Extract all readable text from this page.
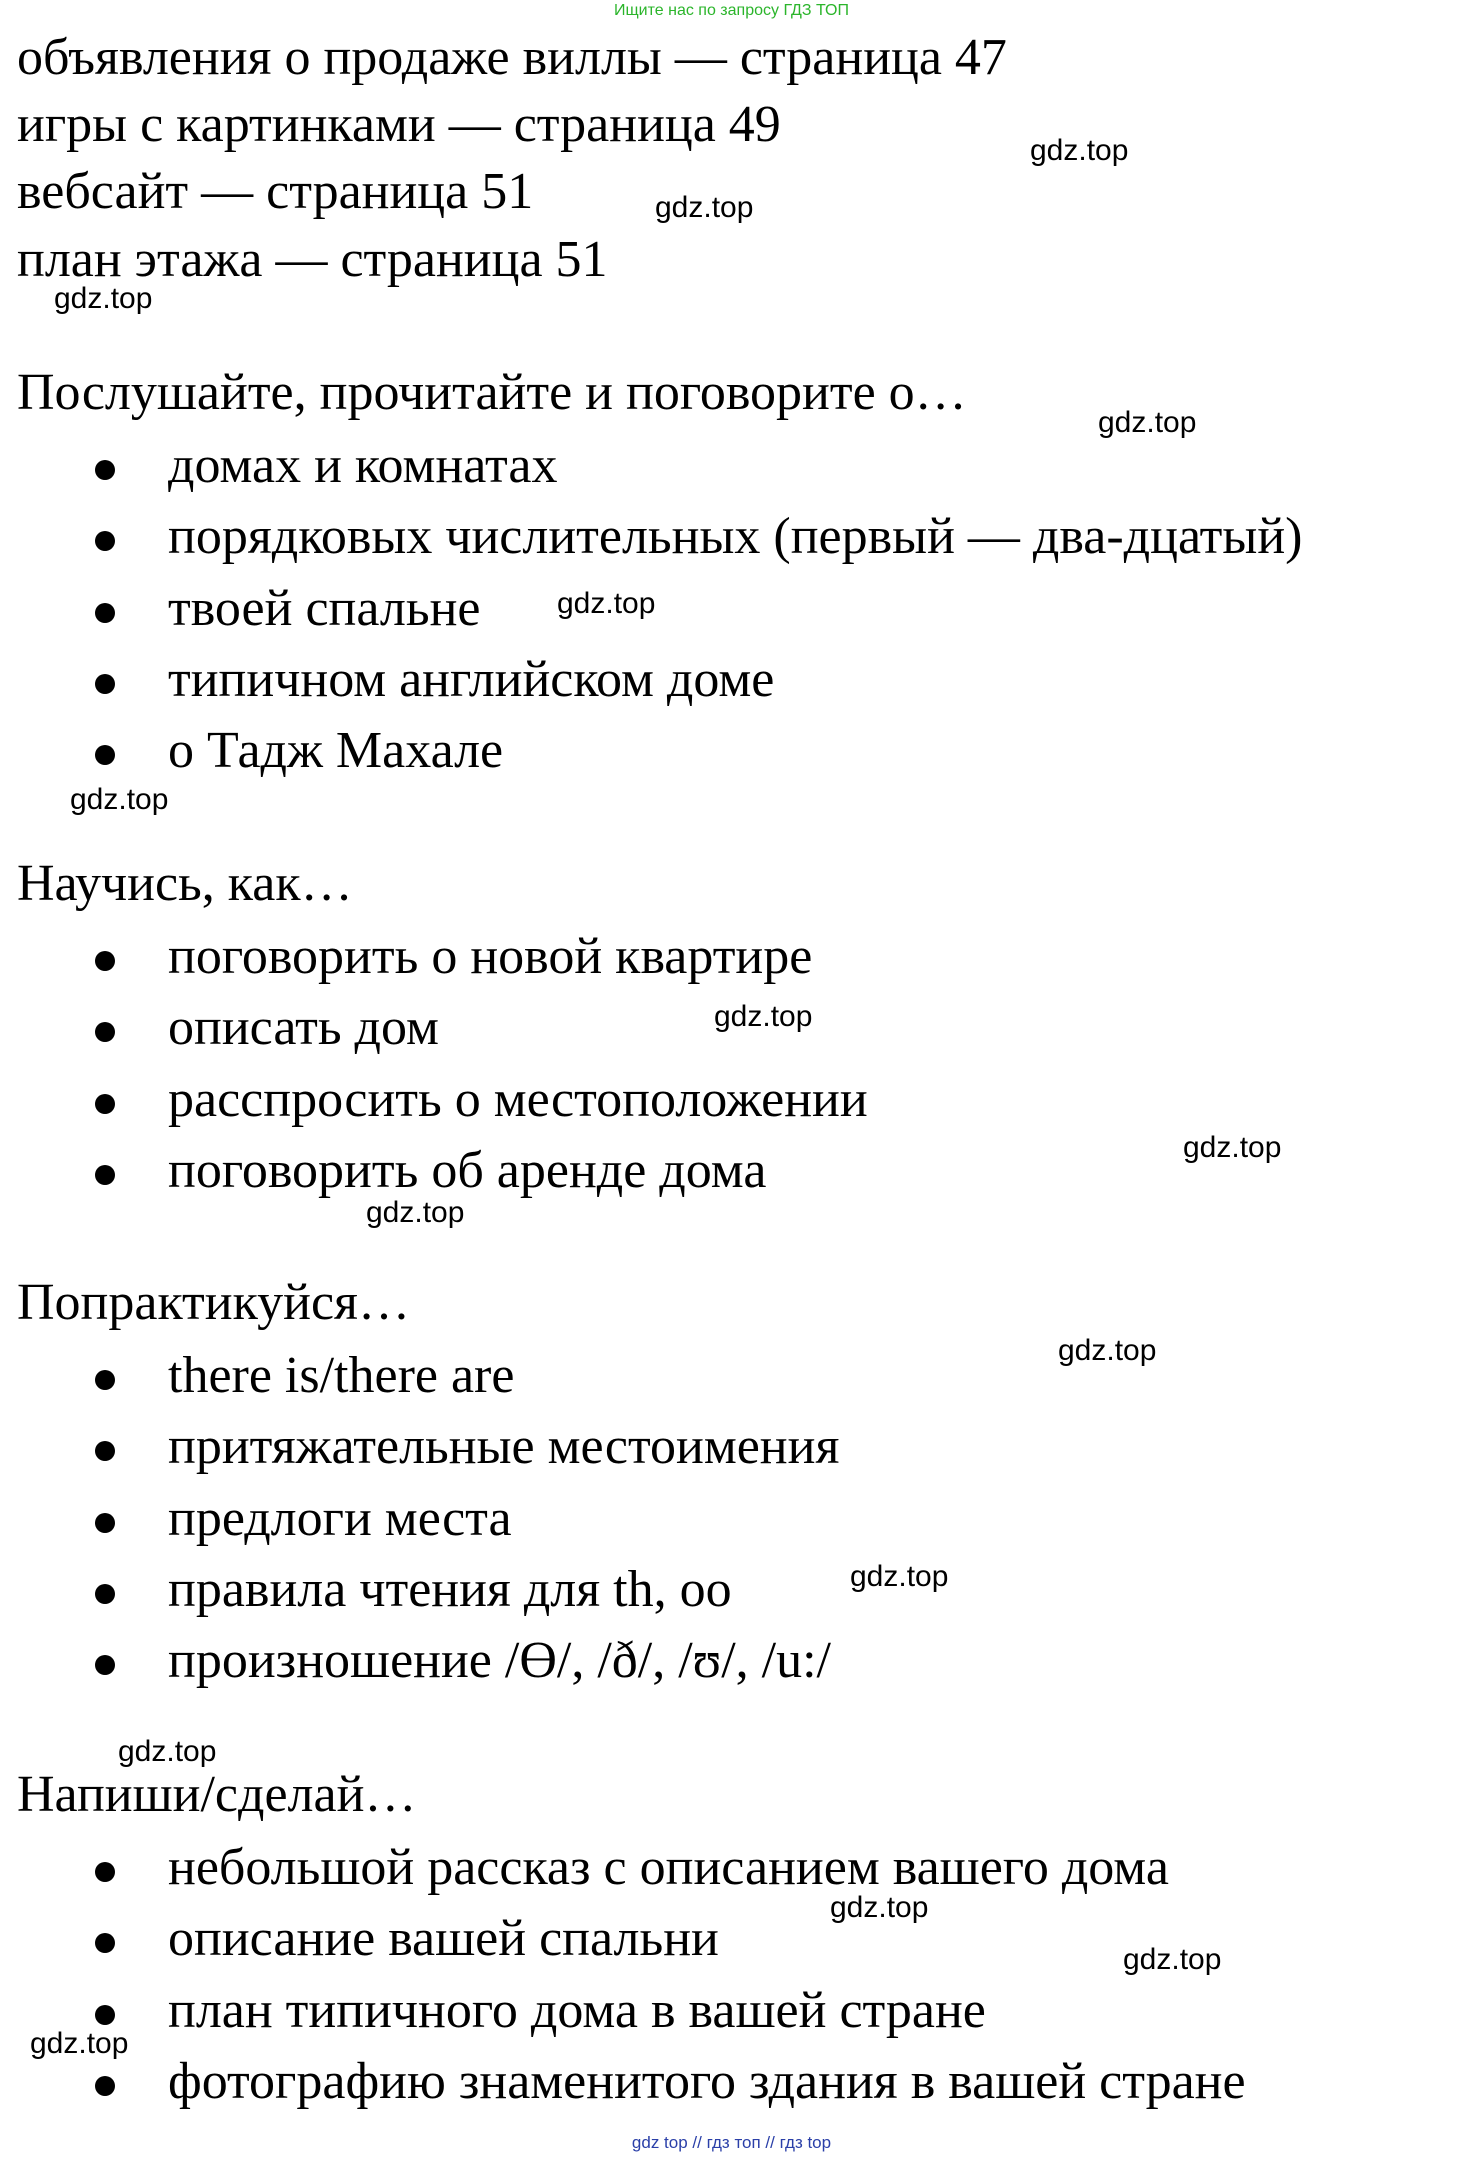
Ищите нас по запросу ГДЗ ТОП
объявления о продаже виллы — страница 47
игры с картинками — страница 49
вебсайт — страница 51
план этажа — страница 51
Послушайте, прочитайте и поговорите о…
домах и комнатах
порядковых числительных (первый — два-дцатый)
твоей спальне
типичном английском доме
о Тадж Махале
Научись, как…
поговорить о новой квартире
описать дом
расспросить о местоположении
поговорить об аренде дома
Попрактикуйся…
there is/there are
притяжательные местоимения
предлоги места
правила чтения для th, oo
произношение /Ɵ/, /ð/, /ʊ/, /u:/
Напиши/сделай…
небольшой рассказ с описанием вашего дома
описание вашей спальни
план типичного дома в вашей стране
фотографию знаменитого здания в вашей стране
gdz.top
gdz.top
gdz.top
gdz.top
gdz.top
gdz.top
gdz.top
gdz.top
gdz.top
gdz.top
gdz.top
gdz.top
gdz.top
gdz.top
gdz.top
gdz top // гдз топ // гдз top
